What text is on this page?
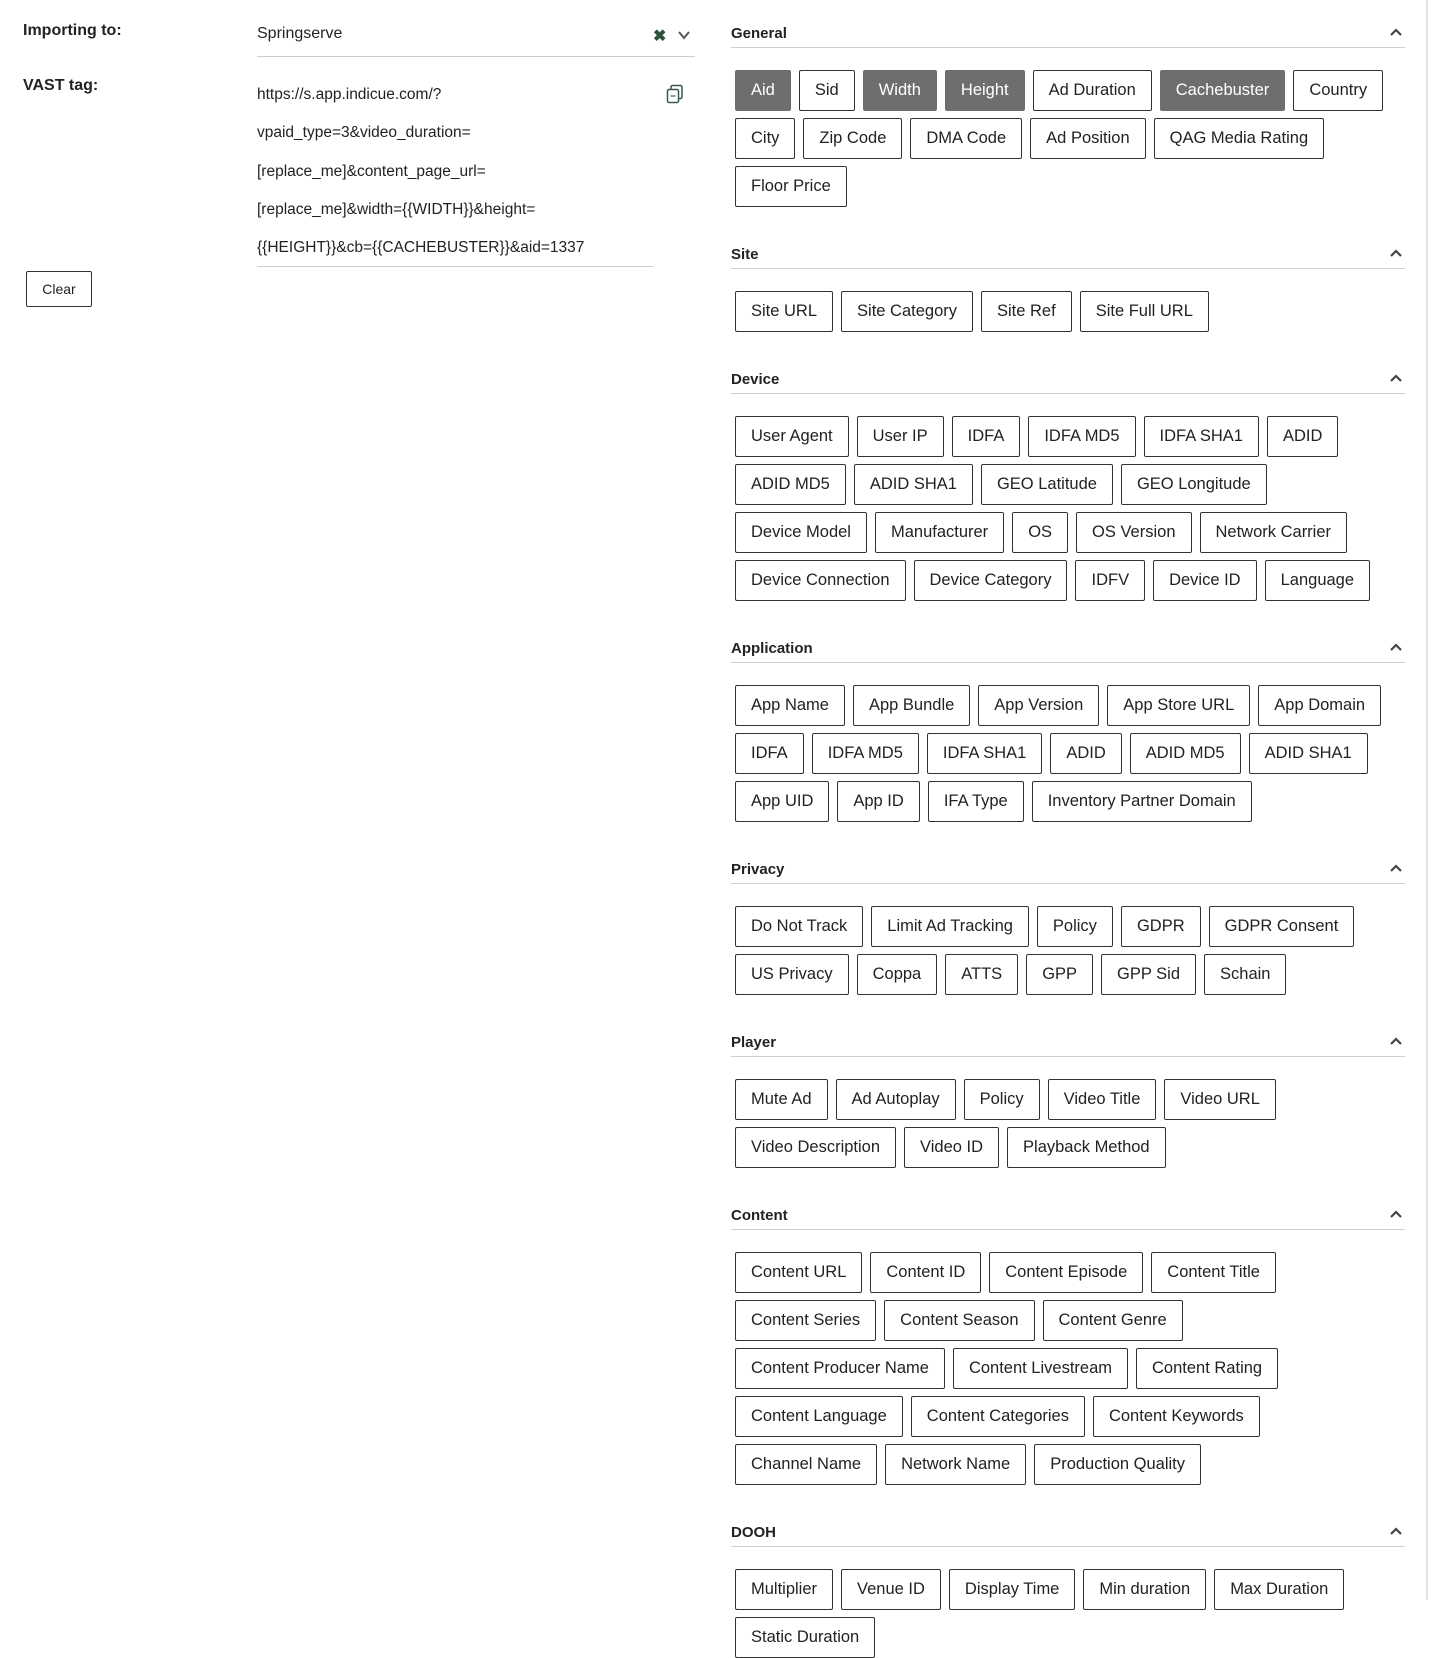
Importing to:	Springserve	✖
VAST tag:
https://s.app.indicue.com/?
vpaid_type=3&video_duration=
[replace_me]&content_page_url=
[replace_me]&width={{WIDTH}}&height=
{{HEIGHT}}&cb={{CACHEBUSTER}}&aid=1337
Clear
General
Aid	Sid	Width	Height	Ad Duration	Cachebuster	Country
City	Zip Code	DMA Code	Ad Position	QAG Media Rating
Floor Price
Site
Site URL	Site Category	Site Ref	Site Full URL
Device
User Agent	User IP	IDFA	IDFA MD5	IDFA SHA1	ADID
ADID MD5	ADID SHA1	GEO Latitude	GEO Longitude
Device Model	Manufacturer	OS	OS Version	Network Carrier
Device Connection	Device Category	IDFV	Device ID	Language
Application
App Name	App Bundle	App Version	App Store URL	App Domain
IDFA	IDFA MD5	IDFA SHA1	ADID	ADID MD5	ADID SHA1
App UID	App ID	IFA Type	Inventory Partner Domain
Privacy
Do Not Track	Limit Ad Tracking	Policy	GDPR	GDPR Consent
US Privacy	Coppa	ATTS	GPP	GPP Sid	Schain
Player
Mute Ad	Ad Autoplay	Policy	Video Title	Video URL
Video Description	Video ID	Playback Method
Content
Content URL	Content ID	Content Episode	Content Title
Content Series	Content Season	Content Genre
Content Producer Name	Content Livestream	Content Rating
Content Language	Content Categories	Content Keywords
Channel Name	Network Name	Production Quality
DOOH
Multiplier	Venue ID	Display Time	Min duration	Max Duration
Static Duration
